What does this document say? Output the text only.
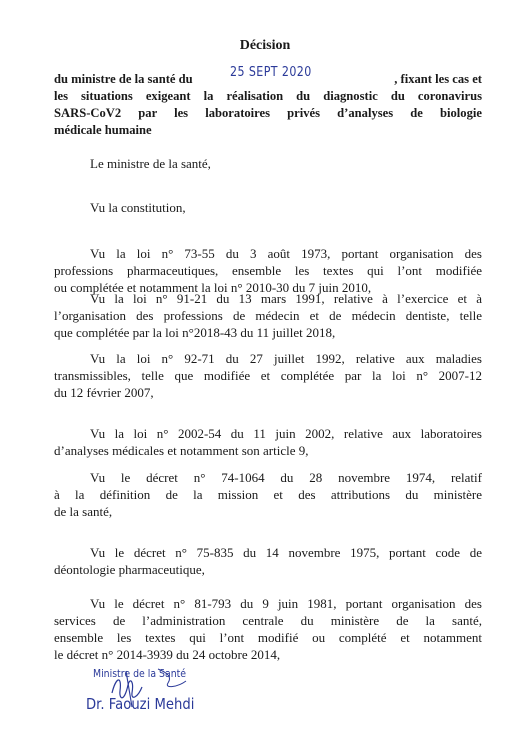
Décision
du ministre de la santé du	25 SEPT 2020	, fixant les cas et
les situations exigeant la réalisation du diagnostic du coronavirus
SARS-CoV2 par les laboratoires privés d’analyses de biologie
médicale humaine
Le ministre de la santé,
Vu la constitution,
Vu la loi n° 73-55 du 3 août 1973, portant organisation des
professions pharmaceutiques, ensemble les textes qui l’ont modifiée
ou complétée et notamment la loi n° 2010-30 du 7 juin 2010,
Vu la loi n° 91-21 du 13 mars 1991, relative à l’exercice et à
l’organisation des professions de médecin et de médecin dentiste, telle
que complétée par la loi n°2018-43 du 11 juillet 2018,
Vu la loi n° 92-71 du 27 juillet 1992, relative aux maladies
transmissibles, telle que modifiée et complétée par la loi n° 2007-12
du 12 février 2007,
Vu la loi n° 2002-54 du 11 juin 2002, relative aux laboratoires
d’analyses médicales et notamment son article 9,
Vu le décret n° 74-1064 du 28 novembre 1974, relatif
à la définition de la mission et des attributions du ministère
de la santé,
Vu le décret n° 75-835 du 14 novembre 1975, portant code de
déontologie pharmaceutique,
Vu le décret n° 81-793 du 9 juin 1981, portant organisation des
services de l’administration centrale du ministère de la santé,
ensemble les textes qui l’ont modifié ou complété et notamment
le décret n° 2014-3939 du 24 octobre 2014,
Ministre de la Santé
Dr. Faouzi Mehdi
